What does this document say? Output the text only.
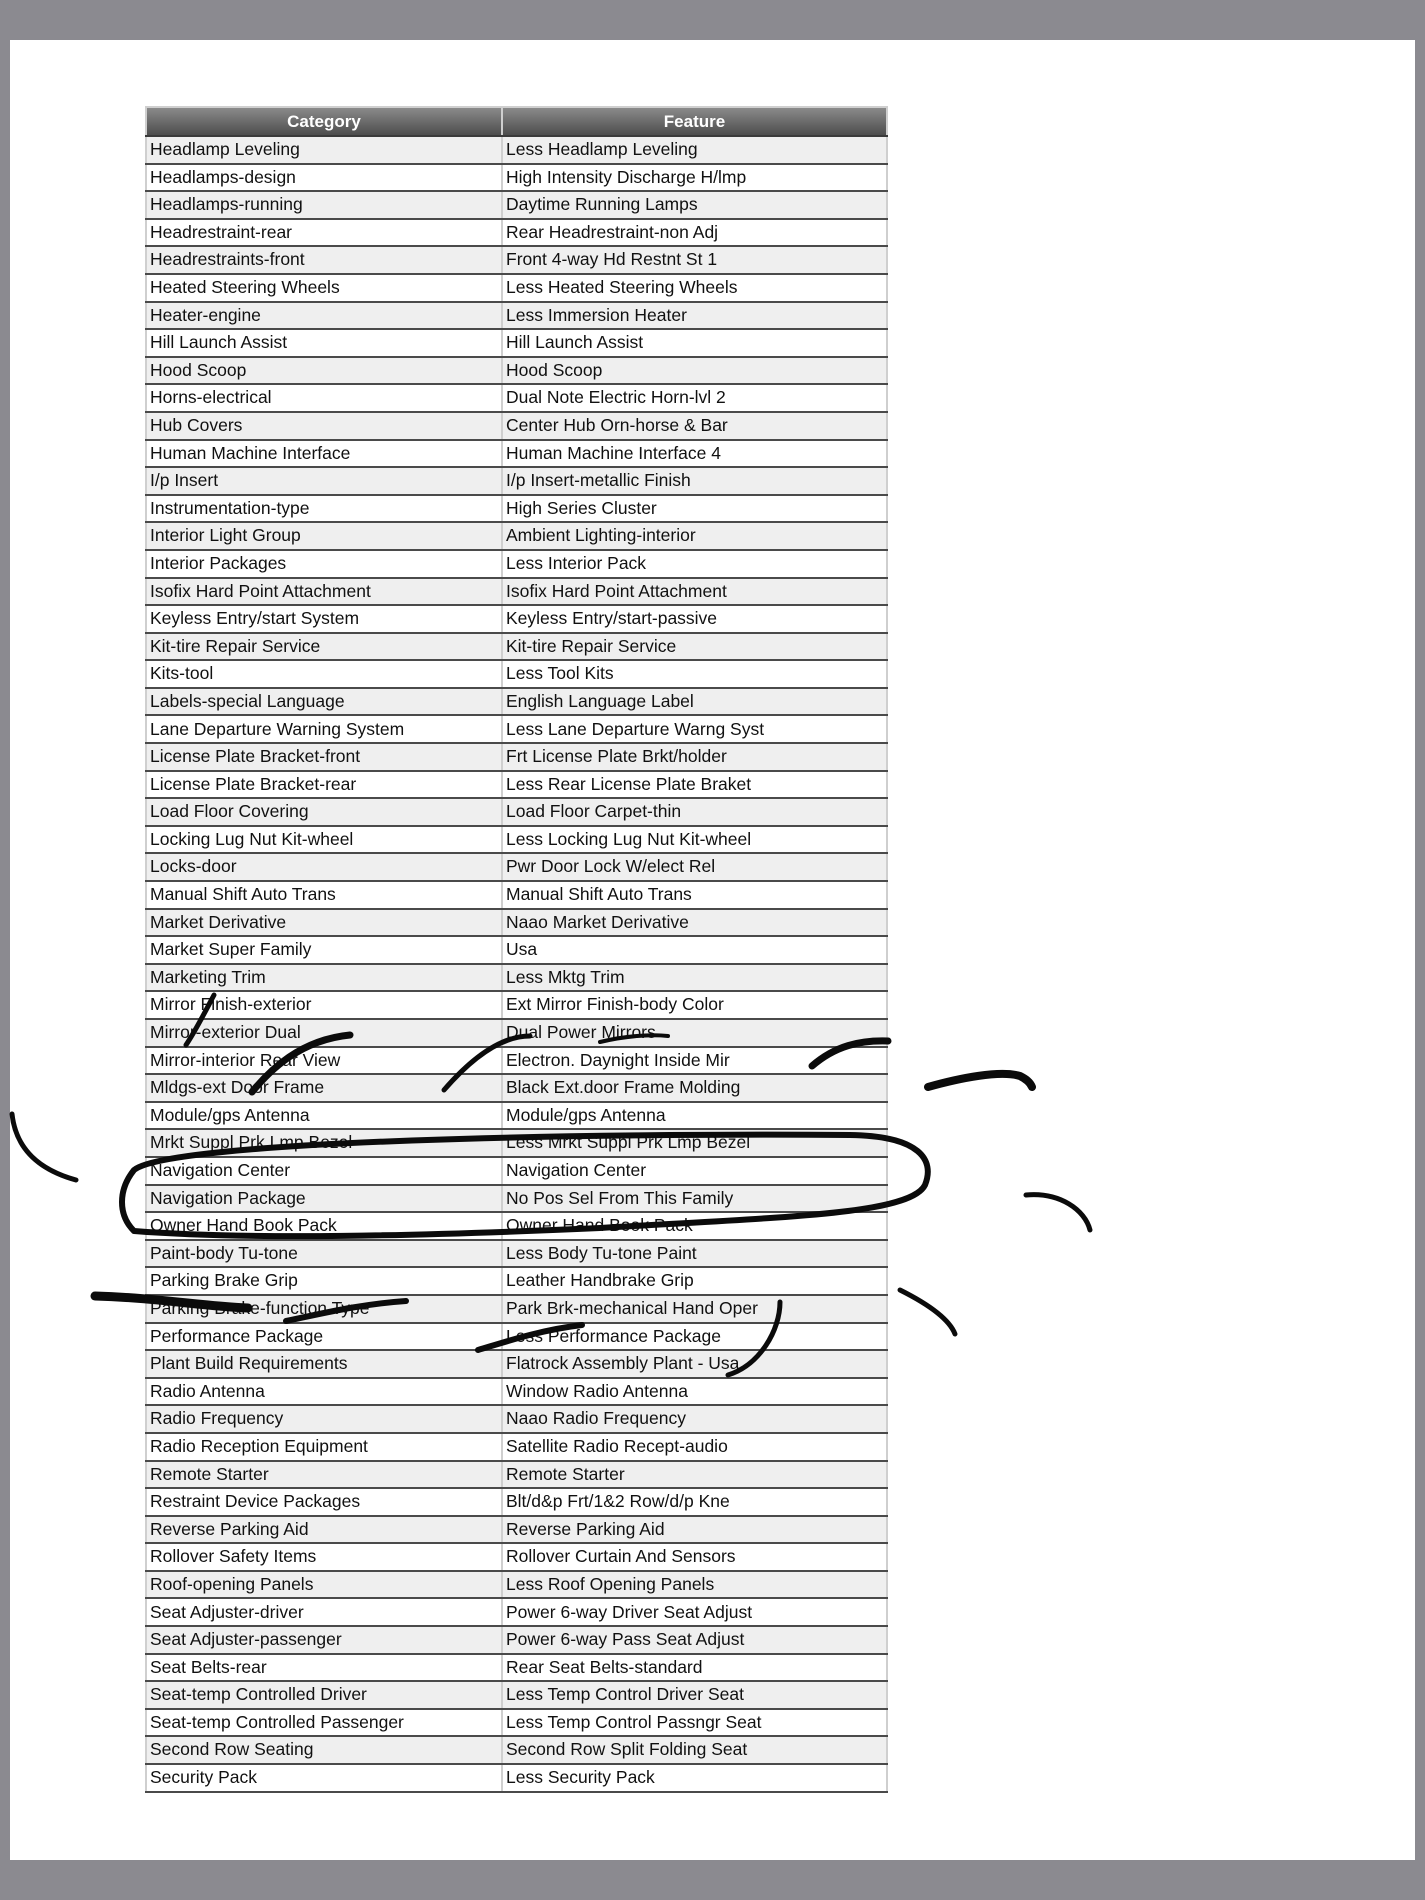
Category	Feature
Headlamp Leveling	Less Headlamp Leveling
Headlamps-design	High Intensity Discharge H/lmp
Headlamps-running	Daytime Running Lamps
Headrestraint-rear	Rear Headrestraint-non Adj
Headrestraints-front	Front 4-way Hd Restnt St 1
Heated Steering Wheels	Less Heated Steering Wheels
Heater-engine	Less Immersion Heater
Hill Launch Assist	Hill Launch Assist
Hood Scoop	Hood Scoop
Horns-electrical	Dual Note Electric Horn-lvl 2
Hub Covers	Center Hub Orn-horse & Bar
Human Machine Interface	Human Machine Interface 4
I/p Insert	I/p Insert-metallic Finish
Instrumentation-type	High Series Cluster
Interior Light Group	Ambient Lighting-interior
Interior Packages	Less Interior Pack
Isofix Hard Point Attachment	Isofix Hard Point Attachment
Keyless Entry/start System	Keyless Entry/start-passive
Kit-tire Repair Service	Kit-tire Repair Service
Kits-tool	Less Tool Kits
Labels-special Language	English Language Label
Lane Departure Warning System	Less Lane Departure Warng Syst
License Plate Bracket-front	Frt License Plate Brkt/holder
License Plate Bracket-rear	Less Rear License Plate Braket
Load Floor Covering	Load Floor Carpet-thin
Locking Lug Nut Kit-wheel	Less Locking Lug Nut Kit-wheel
Locks-door	Pwr Door Lock W/elect Rel
Manual Shift Auto Trans	Manual Shift Auto Trans
Market Derivative	Naao Market Derivative
Market Super Family	Usa
Marketing Trim	Less Mktg Trim
Mirror Finish-exterior	Ext Mirror Finish-body Color
Mirror-exterior Dual	Dual Power Mirrors
Mirror-interior Rear View	Electron. Daynight Inside Mir
Mldgs-ext Door Frame	Black Ext.door Frame Molding
Module/gps Antenna	Module/gps Antenna
Mrkt Suppl Prk Lmp Bezel	Less Mrkt Suppl Prk Lmp Bezel
Navigation Center	Navigation Center
Navigation Package	No Pos Sel From This Family
Owner Hand Book Pack	Owner Hand Book Pack
Paint-body Tu-tone	Less Body Tu-tone Paint
Parking Brake Grip	Leather Handbrake Grip
Parking Brake-function Type	Park Brk-mechanical Hand Oper
Performance Package	Less Performance Package
Plant Build Requirements	Flatrock Assembly Plant - Usa
Radio Antenna	Window Radio Antenna
Radio Frequency	Naao Radio Frequency
Radio Reception Equipment	Satellite Radio Recept-audio
Remote Starter	Remote Starter
Restraint Device Packages	Blt/d&p Frt/1&2 Row/d/p Kne
Reverse Parking Aid	Reverse Parking Aid
Rollover Safety Items	Rollover Curtain And Sensors
Roof-opening Panels	Less Roof Opening Panels
Seat Adjuster-driver	Power 6-way Driver Seat Adjust
Seat Adjuster-passenger	Power 6-way Pass Seat Adjust
Seat Belts-rear	Rear Seat Belts-standard
Seat-temp Controlled Driver	Less Temp Control Driver Seat
Seat-temp Controlled Passenger	Less Temp Control Passngr Seat
Second Row Seating	Second Row Split Folding Seat
Security Pack	Less Security Pack
